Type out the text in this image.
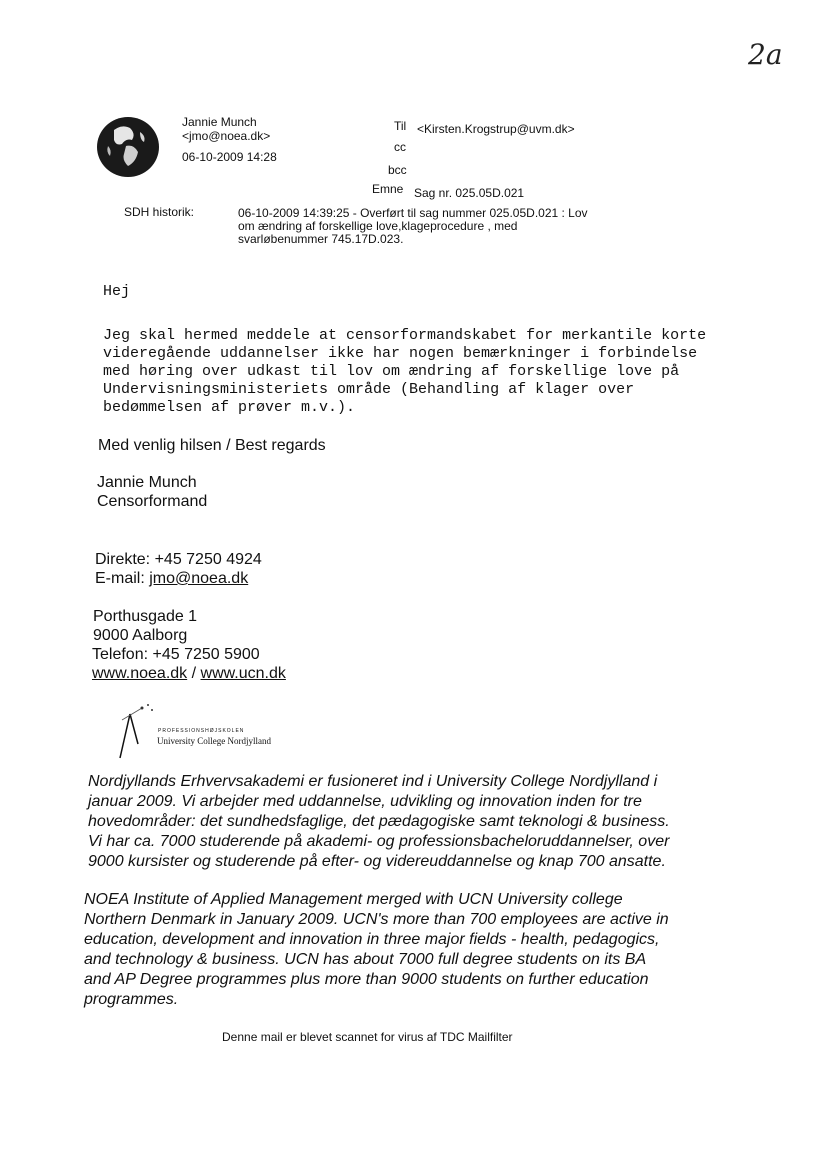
2a
Jannie Munch
<jmo@noea.dk>
06-10-2009 14:28
Til <Kirsten.Krogstrup@uvm.dk>
cc
bcc
Emne Sag nr. 025.05D.021
SDH historik:	06-10-2009 14:39:25 - Overført til sag nummer 025.05D.021 : Lov
om ændring af forskellige love,klageprocedure , med
svarløbenummer 745.17D.023.
Hej
Jeg skal hermed meddele at censorformandskabet for merkantile korte
videregående uddannelser ikke har nogen bemærkninger i forbindelse
med høring over udkast til lov om ændring af forskellige love på
Undervisningsministeriets område (Behandling af klager over
bedømmelsen af prøver m.v.).
Med venlig hilsen / Best regards
Jannie Munch
Censorformand
Direkte: +45 7250 4924
E-mail: jmo@noea.dk
Porthusgade 1
9000 Aalborg
Telefon: +45 7250 5900
www.noea.dk / www.ucn.dk
PROFESSIONSHØJSKOLEN
University College Nordjylland
Nordjyllands Erhvervsakademi er fusioneret ind i University College Nordjylland i
januar 2009. Vi arbejder med uddannelse, udvikling og innovation inden for tre
hovedområder: det sundhedsfaglige, det pædagogiske samt teknologi & business.
Vi har ca. 7000 studerende på akademi- og professionsbacheloruddannelser, over
9000 kursister og studerende på efter- og videreuddannelse og knap 700 ansatte.
NOEA Institute of Applied Management merged with UCN University college
Northern Denmark in January 2009. UCN's more than 700 employees are active in
education, development and innovation in three major fields - health, pedagogics,
and technology & business. UCN has about 7000 full degree students on its BA
and AP Degree programmes plus more than 9000 students on further education
programmes.
Denne mail er blevet scannet for virus af TDC Mailfilter
